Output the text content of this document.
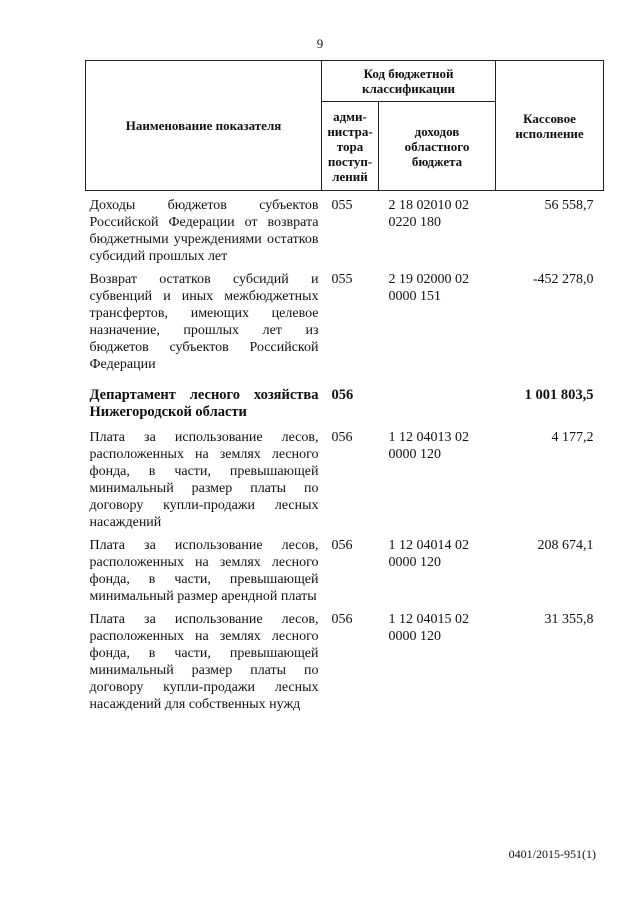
9
Наименование показателя	Код бюджетной классификации		Кассовое исполнение
	адми-нистра-тора поступ-лений	доходов областного бюджета	
Доходы бюджетов субъектов Российской Федерации от возврата бюджетными учреждениями остатков субсидий прошлых лет	055	2 18 02010 02 0220 180	56 558,7
Возврат остатков субсидий и субвенций и иных межбюджетных трансфертов, имеющих целевое назначение, прошлых лет из бюджетов субъектов Российской Федерации	055	2 19 02000 02 0000 151	-452 278,0
Департамент лесного хозяйства Нижегородской области	056		1 001 803,5
Плата за использование лесов, расположенных на землях лесного фонда, в части, превышающей минимальный размер платы по договору купли-продажи лесных насаждений	056	1 12 04013 02 0000 120	4 177,2
Плата за использование лесов, расположенных на землях лесного фонда, в части, превышающей минимальный размер арендной платы	056	1 12 04014 02 0000 120	208 674,1
Плата за использование лесов, расположенных на землях лесного фонда, в части, превышающей минимальный размер платы по договору купли-продажи лесных насаждений для собственных нужд	056	1 12 04015 02 0000 120	31 355,8
0401/2015-951(1)
